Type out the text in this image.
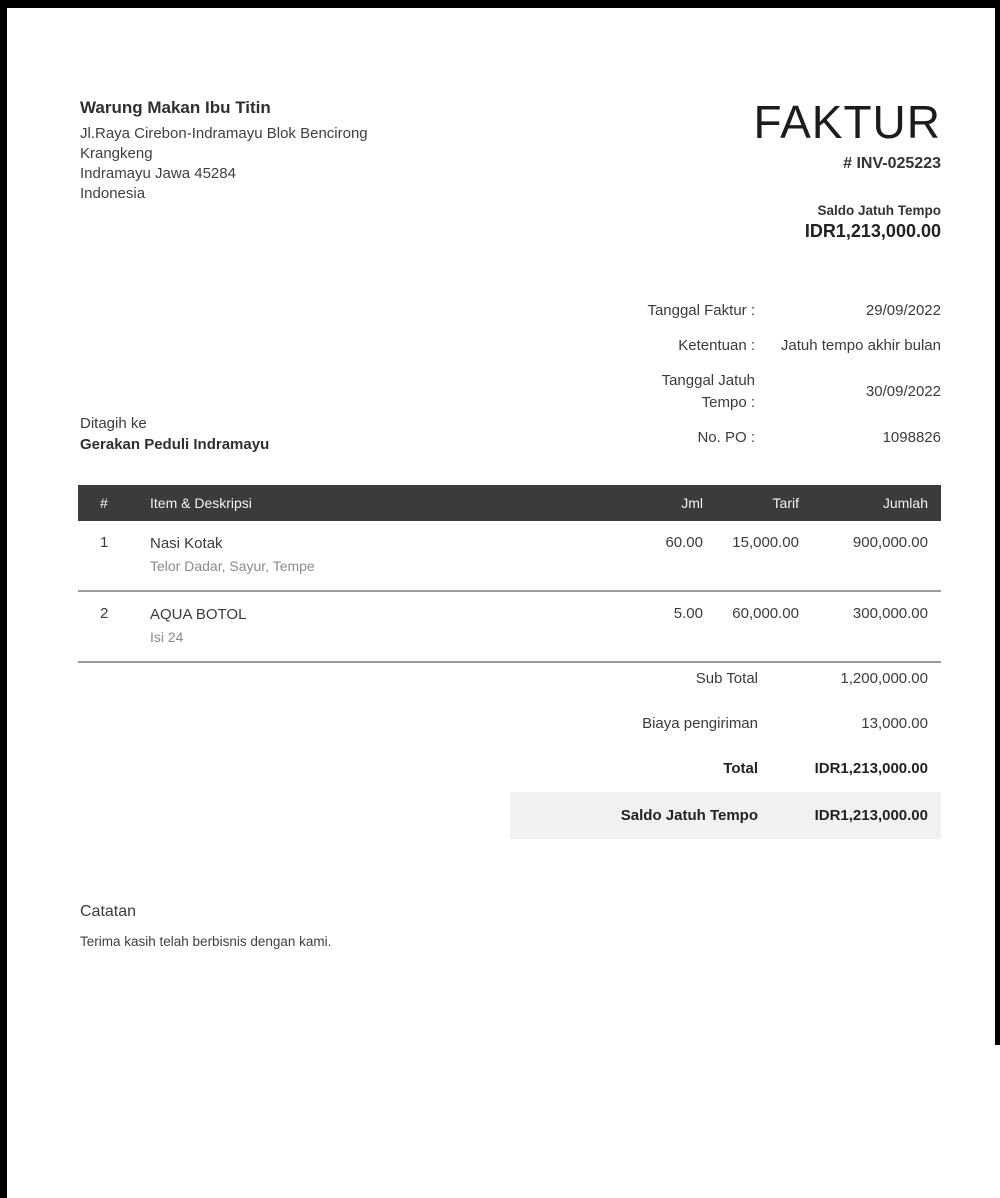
Warung Makan Ibu Titin
Jl.Raya Cirebon-Indramayu Blok Bencirong
Krangkeng
Indramayu Jawa 45284
Indonesia
FAKTUR
# INV-025223
Saldo Jatuh Tempo
IDR1,213,000.00
Tanggal Faktur :	29/09/2022
Ketentuan :	Jatuh tempo akhir bulan
Tanggal Jatuh Tempo :
30/09/2022
No. PO :	1098826
Ditagih ke
Gerakan Peduli Indramayu
#	Item & Deskripsi	Jml	Tarif	Jumlah
1	Nasi Kotak
Telor Dadar, Sayur, Tempe	60.00	15,000.00	900,000.00
2	AQUA BOTOL
Isi 24	5.00	60,000.00	300,000.00
Sub Total	1,200,000.00
Biaya pengiriman	13,000.00
Total	IDR1,213,000.00
Saldo Jatuh Tempo	IDR1,213,000.00
Catatan
Terima kasih telah berbisnis dengan kami.
